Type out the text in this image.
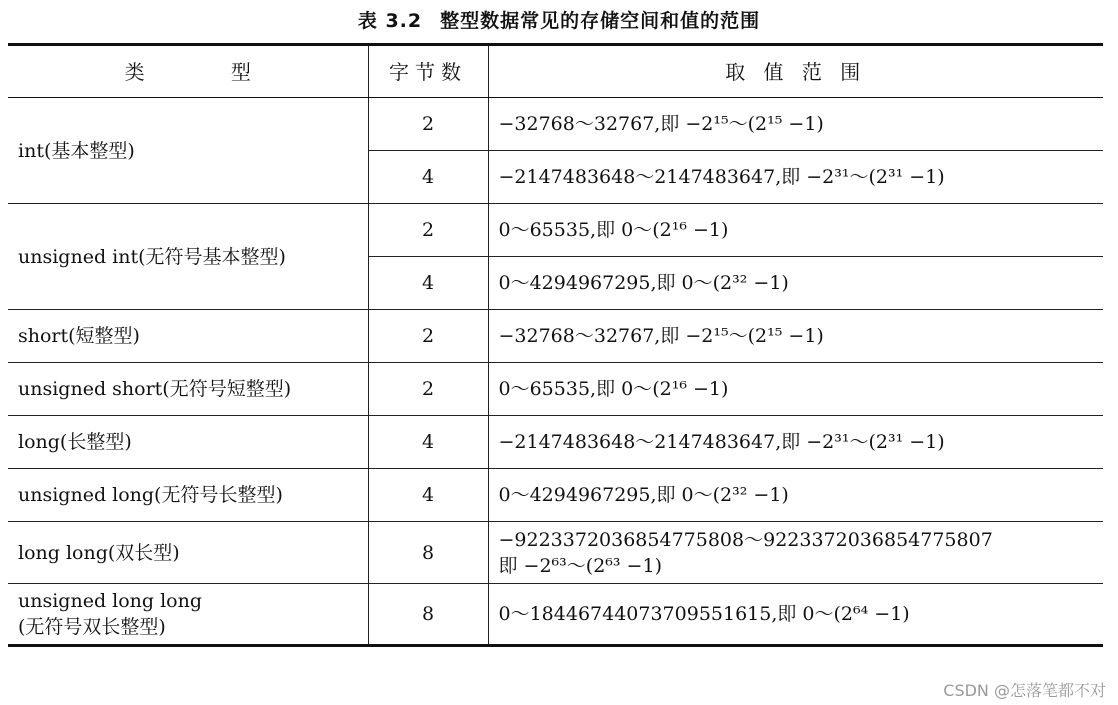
表 3.2 整型数据常见的存储空间和值的范围
类 型	字节数	取 值 范 围
int(基本整型)	2	−32768～32767,即 −2¹⁵～(2¹⁵ −1)
	4	−2147483648～2147483647,即 −2³¹～(2³¹ −1)
unsigned int(无符号基本整型)	2	0～65535,即 0～(2¹⁶ −1)
	4	0～4294967295,即 0～(2³² −1)
short(短整型)	2	−32768～32767,即 −2¹⁵～(2¹⁵ −1)
unsigned short(无符号短整型)	2	0～65535,即 0～(2¹⁶ −1)
long(长整型)	4	−2147483648～2147483647,即 −2³¹～(2³¹ −1)
unsigned long(无符号长整型)	4	0～4294967295,即 0～(2³² −1)
long long(双长型)	8	−9223372036854775808～9223372036854775807
即 −2⁶³～(2⁶³ −1)

unsigned long long
(无符号双长整型)	8	0～18446744073709551615,即 0～(2⁶⁴ −1)
CSDN @怎落笔都不对
